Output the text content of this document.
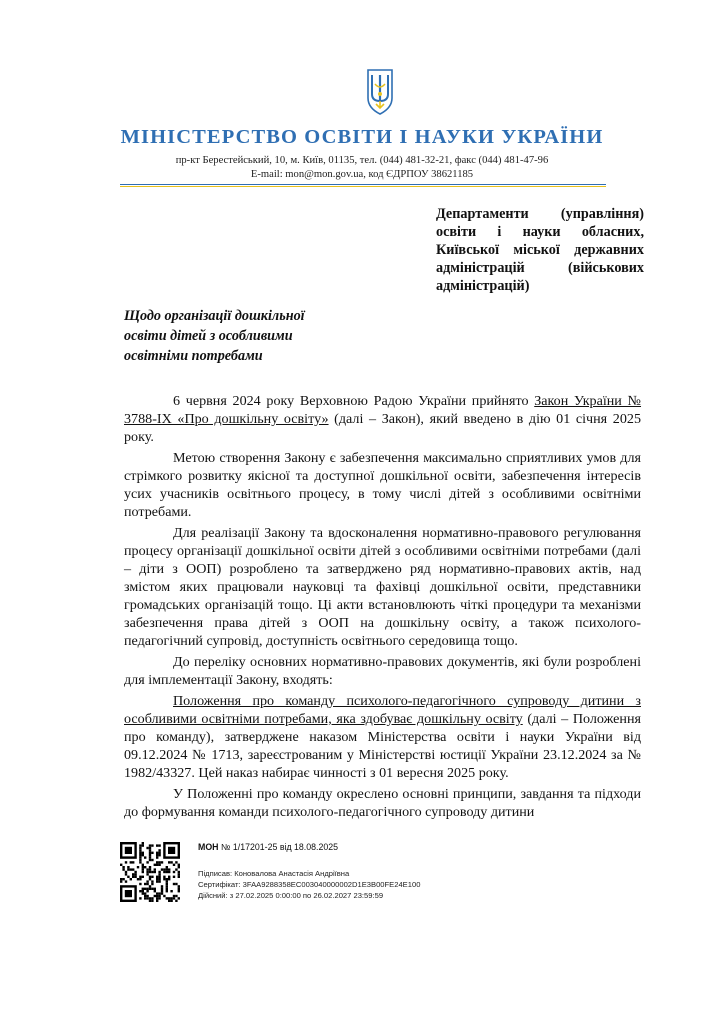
МІНІСТЕРСТВО ОСВІТИ І НАУКИ УКРАЇНИ
пр-кт Берестейський, 10, м. Київ, 01135, тел. (044) 481-32-21, факс (044) 481-47-96
E-mail: mon@mon.gov.ua, код ЄДРПОУ 38621185
Департаменти (управління)
освіти і науки обласних,
Київської міської державних
адміністрацій (військових
адміністрацій)
Щодо організації дошкільної
освіти дітей з особливими
освітніми потребами

6 червня 2024 року Верховною Радою України прийнято Закон України № 3788-IX «Про дошкільну освіту» (далі – Закон), який введено в дію 01 січня 2025 року.

Метою створення Закону є забезпечення максимально сприятливих умов для стрімкого розвитку якісної та доступної дошкільної освіти, забезпечення інтересів усих учасників освітнього процесу, в тому числі дітей з особливими освітніми потребами.

Для реалізації Закону та вдосконалення нормативно-правового регулювання процесу організації дошкільної освіти дітей з особливими освітніми потребами (далі – діти з ООП) розроблено та затверджено ряд нормативно-правових актів, над змістом яких працювали науковці та фахівці дошкільної освіти, представники громадських організацій тощо. Ці акти встановлюють чіткі процедури та механізми забезпечення права дітей з ООП на дошкільну освіту, а також психолого-педагогічний супровід, доступність освітнього середовища тощо.

До переліку основних нормативно-правових документів, які були розроблені для імплементації Закону, входять:

Положення про команду психолого-педагогічного супроводу дитини з особливими освітніми потребами, яка здобуває дошкільну освіту (далі – Положення про команду), затверджене наказом Міністерства освіти і науки України від 09.12.2024 № 1713, зареєстрованим у Міністерстві юстиції України 23.12.2024 за № 1982/43327. Цей наказ набирає чинності з 01 вересня 2025 року.

У Положенні про команду окреслено основні принципи, завдання та підходи до формування команди психолого-педагогічного супроводу дитини

МОН № 1/17201-25 від 18.08.2025
Підписав: Коновалова Анастасія Андріївна
Сертифікат: 3FAA9288358EC003040000002D1E3B00FE24E100
Дійсний: з 27.02.2025 0:00:00 по 26.02.2027 23:59:59
